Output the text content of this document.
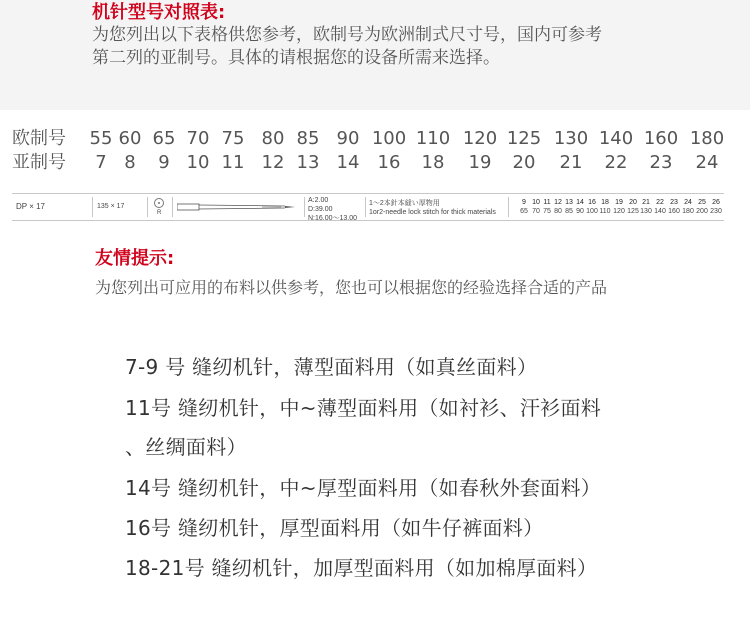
机针型号对照表:
为您列出以下表格供您参考，欧制号为欧洲制式尺寸号，国内可参考
第二列的亚制号。具体的请根据您的设备所需来选择。
欧制号 55 60 65 70 75 80 85 90 100 110 120 125 130 140 160 180
亚制号 7 8 9 10 11 12 13 14 16 18 19 20 21 22 23 24
DP × 17	135 × 17
R
A:2.00
D:39.00
N:16.00～13.00
1～2本針本縫い厚物用
1or2-needle lock stitch for thick materials
9 10 11 12 13 14 16 18 19 20 21 22 23 24 25 26
65 70 75 80 85 90 100 110 120 125 130 140 160 180 200 230
友情提示:
为您列出可应用的布料以供参考，您也可以根据您的经验选择合适的产品
7-9 号 缝纫机针，薄型面料用（如真丝面料）
11号 缝纫机针，中~薄型面料用（如衬衫、汗衫面料
、丝绸面料）
14号 缝纫机针，中~厚型面料用（如春秋外套面料）
16号 缝纫机针，厚型面料用（如牛仔裤面料）
18-21号 缝纫机针，加厚型面料用（如加棉厚面料）
